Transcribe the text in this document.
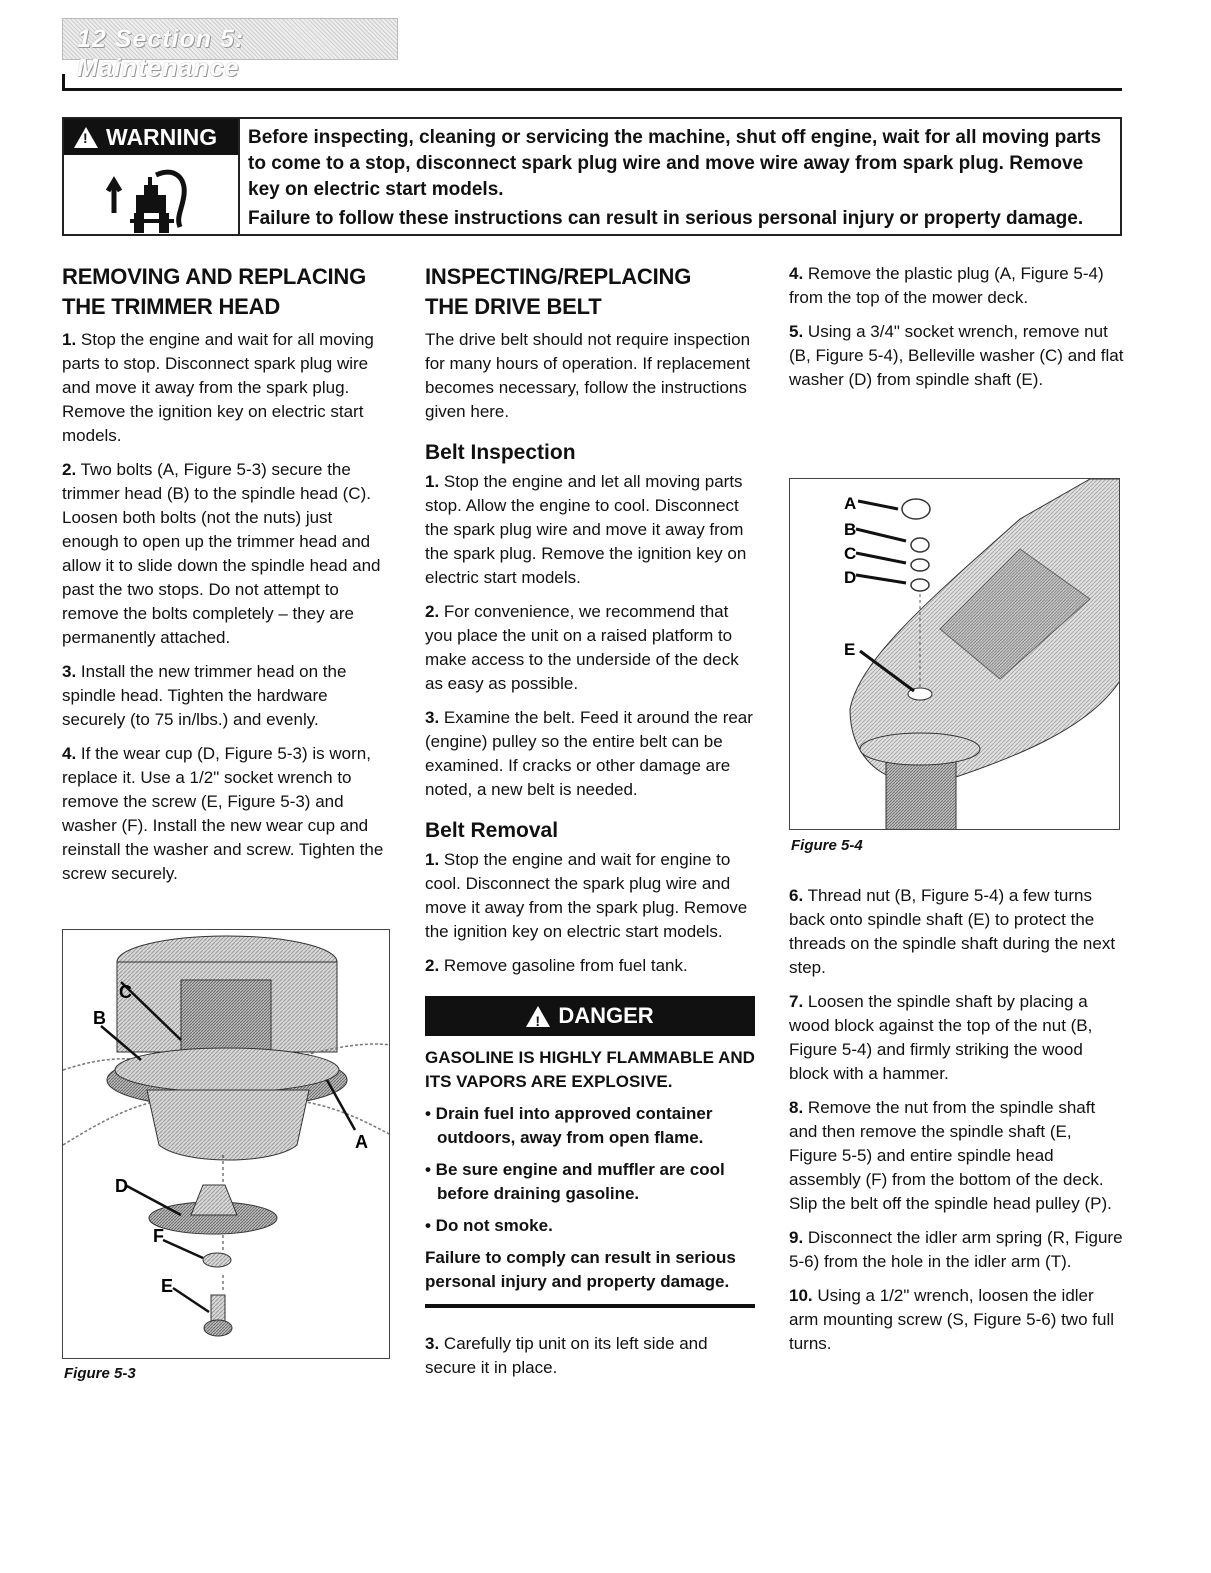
12 Section 5: Maintenance
!
WARNING Before inspecting, cleaning or servicing the machine, shut off engine, wait for all moving parts to come to a stop, disconnect spark plug wire and move wire away from spark plug. Remove key on electric start models.

Failure to follow these instructions can result in serious personal injury or property damage.

REMOVING AND REPLACING
THE TRIMMER HEAD

1. Stop the engine and wait for all moving parts to stop. Disconnect spark plug wire and move it away from the spark plug. Remove the ignition key on electric start models.

2. Two bolts (A, Figure 5-3) secure the trimmer head (B) to the spindle head (C). Loosen both bolts (not the nuts) just enough to open up the trimmer head and allow it to slide down the spindle head and past the two stops. Do not attempt to remove the bolts completely – they are permanently attached.

3. Install the new trimmer head on the spindle head. Tighten the hardware securely (to 75 in/lbs.) and evenly.

4. If the wear cup (D, Figure 5-3) is worn, replace it. Use a 1/2" socket wrench to remove the screw (E, Figure 5-3) and washer (F). Install the new wear cup and reinstall the washer and screw. Tighten the screw securely.

C
B
A
D
F
E
Figure 5-3
INSPECTING/REPLACING
THE DRIVE BELT

The drive belt should not require inspection for many hours of operation. If replacement becomes necessary, follow the instructions given here.

Belt Inspection

1. Stop the engine and let all moving parts stop. Allow the engine to cool. Disconnect the spark plug wire and move it away from the spark plug. Remove the ignition key on electric start models.

2. For convenience, we recommend that you place the unit on a raised platform to make access to the underside of the deck as easy as possible.

3. Examine the belt. Feed it around the rear (engine) pulley so the entire belt can be examined. If cracks or other damage are noted, a new belt is needed.

Belt Removal

1. Stop the engine and wait for engine to cool. Disconnect the spark plug wire and move it away from the spark plug. Remove the ignition key on electric start models.

2. Remove gasoline from fuel tank.

!
DANGER

GASOLINE IS HIGHLY FLAMMABLE AND ITS VAPORS ARE EXPLOSIVE.

• Drain fuel into approved container outdoors, away from open flame.

• Be sure engine and muffler are cool before draining gasoline.

• Do not smoke.

Failure to comply can result in serious personal injury and property damage.

3. Carefully tip unit on its left side and secure it in place.

4. Remove the plastic plug (A, Figure 5-4) from the top of the mower deck.

5. Using a 3/4" socket wrench, remove nut (B, Figure 5-4), Belleville washer (C) and flat washer (D) from spindle shaft (E).

A
B
C
D
E
Figure 5-4

6. Thread nut (B, Figure 5-4) a few turns back onto spindle shaft (E) to protect the threads on the spindle shaft during the next step.

7. Loosen the spindle shaft by placing a wood block against the top of the nut (B, Figure 5-4) and firmly striking the wood block with a hammer.

8. Remove the nut from the spindle shaft and then remove the spindle shaft (E, Figure 5-5) and entire spindle head assembly (F) from the bottom of the deck. Slip the belt off the spindle head pulley (P).

9. Disconnect the idler arm spring (R, Figure 5-6) from the hole in the idler arm (T).

10. Using a 1/2" wrench, loosen the idler arm mounting screw (S, Figure 5-6) two full turns.
